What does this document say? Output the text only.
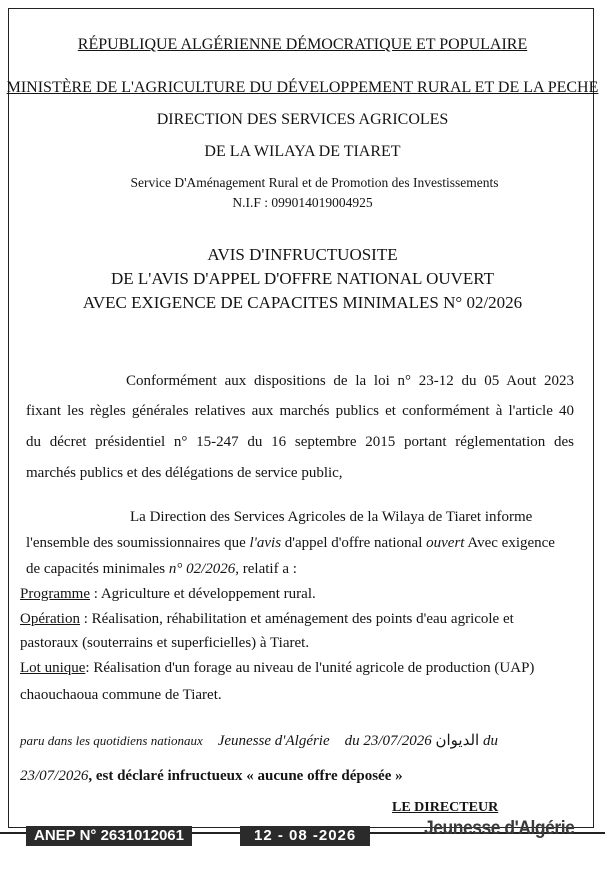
RÉPUBLIQUE ALGÉRIENNE DÉMOCRATIQUE ET POPULAIRE
MINISTÈRE DE L'AGRICULTURE DU DÉVELOPPEMENT RURAL ET DE LA PECHE
DIRECTION DES SERVICES AGRICOLES
DE LA WILAYA DE TIARET
Service D'Aménagement Rural et de Promotion des Investissements
N.I.F : 099014019004925
AVIS D'INFRUCTUOSITE
DE L'AVIS D'APPEL D'OFFRE NATIONAL OUVERT
AVEC EXIGENCE DE CAPACITES MINIMALES N° 02/2026
Conformément aux dispositions de la loi n° 23-12 du 05 Aout 2023
fixant les règles générales relatives aux marchés publics et conformément à l'article 40
du décret présidentiel n° 15-247 du 16 septembre 2015 portant réglementation des
marchés publics et des délégations de service public,
La Direction des Services Agricoles de la Wilaya de Tiaret informe
l'ensemble des soumissionnaires que l'avis d'appel d'offre national ouvert Avec exigence
de capacités minimales n° 02/2026, relatif a :
Programme : Agriculture et développement rural.
Opération : Réalisation, réhabilitation et aménagement des points d'eau agricole et
pastoraux (souterrains et superficielles) à Tiaret.
Lot unique: Réalisation d'un forage au niveau de l'unité agricole de production (UAP)
chaouchaoua commune de Tiaret.
paru dans les quotidiens nationaux Jeunesse d'Algérie du 23/07/2026 الديوان du
23/07/2026, est déclaré infructueux « aucune offre déposée »
LE DIRECTEUR
ANEP N° 2631012061	12 - 08 -2026	Jeunesse d'Algérie
